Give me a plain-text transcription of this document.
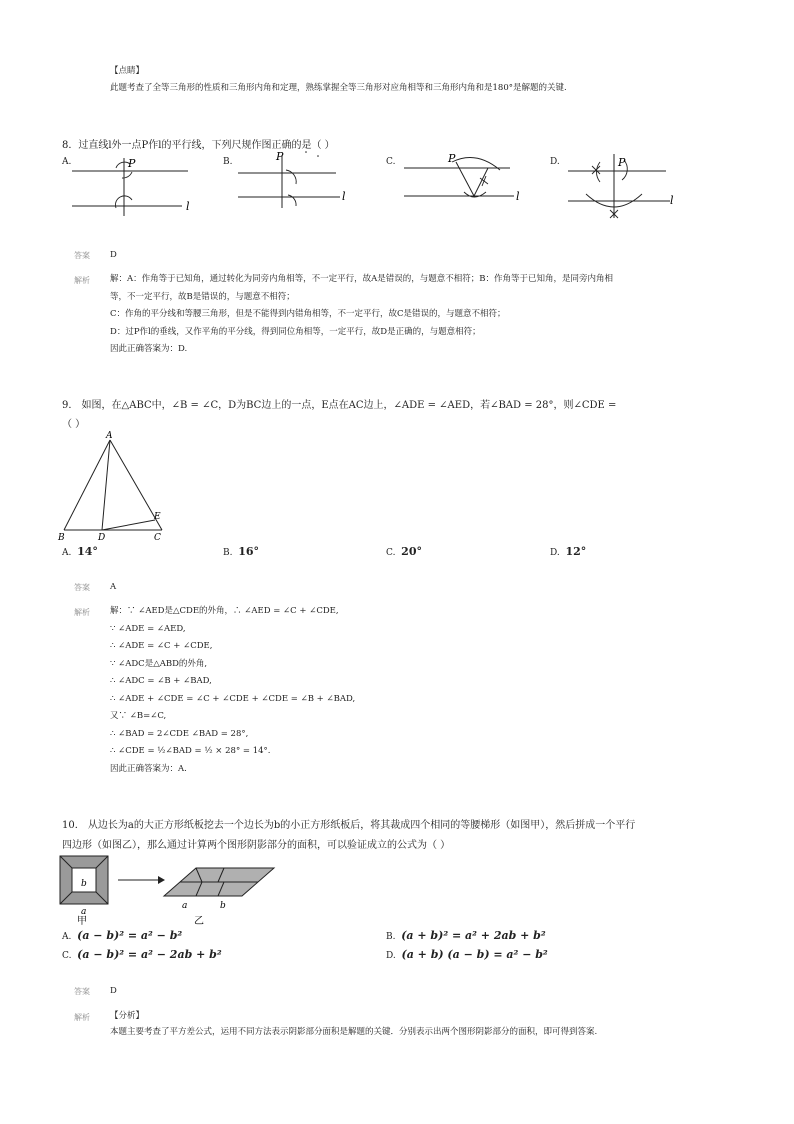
【点睛】
此题考查了全等三角形的性质和三角形内角和定理，熟练掌握全等三角形对应角相等和三角形内角和是180°是解题的关键.
8．过直线l外一点P作l的平行线，下列尺规作图正确的是（ ）
A.	B.	C.	D.
P
l
P
l
P
l
P
l
答案 D
解析 解：A：作角等于已知角，通过转化为同旁内角相等，不一定平行，故A是错误的，与题意不相符；B：作角等于已知角，是同旁内角相
等，不一定平行，故B是错误的，与题意不相符；
C：作角的平分线和等腰三角形，但是不能得到内错角相等，不一定平行，故C是错误的，与题意不相符；
D：过P作l的垂线，又作平角的平分线，得到同位角相等，一定平行，故D是正确的，与题意相符；
因此正确答案为：D.
9． 如图，在△ABC中，∠B = ∠C，D为BC边上的一点，E点在AC边上，∠ADE = ∠AED，若∠BAD = 28°，则∠CDE =
（ ）
A
B	C
D
E
A. 14°	B. 16°	C. 20°	D. 12°
答案 A
解析 解：∵ ∠AED是△CDE的外角，∴ ∠AED = ∠C + ∠CDE,
∵ ∠ADE = ∠AED,
∴ ∠ADE = ∠C + ∠CDE,
∵ ∠ADC是△ABD的外角,
∴ ∠ADC = ∠B + ∠BAD,
∴ ∠ADE + ∠CDE = ∠C + ∠CDE + ∠CDE = ∠B + ∠BAD,
又∵ ∠B=∠C,
∴ ∠BAD = 2∠CDE ∠BAD = 28°,
∴ ∠CDE = ½∠BAD = ½ × 28° = 14°.
因此正确答案为：A.
10． 从边长为a的大正方形纸板挖去一个边长为b的小正方形纸板后，将其裁成四个相同的等腰梯形（如图甲），然后拼成一个平行
四边形（如图乙），那么通过计算两个图形阴影部分的面积，可以验证成立的公式为（ ）
b
a
甲
a	b
乙
A. (a − b)² = a² − b²	B. (a + b)² = a² + 2ab + b²
C. (a − b)² = a² − 2ab + b²	D. (a + b) (a − b) = a² − b²
答案 D
解析 【分析】
本题主要考查了平方差公式，运用不同方法表示阴影部分面积是解题的关键．分别表示出两个图形阴影部分的面积，即可得到答案.
